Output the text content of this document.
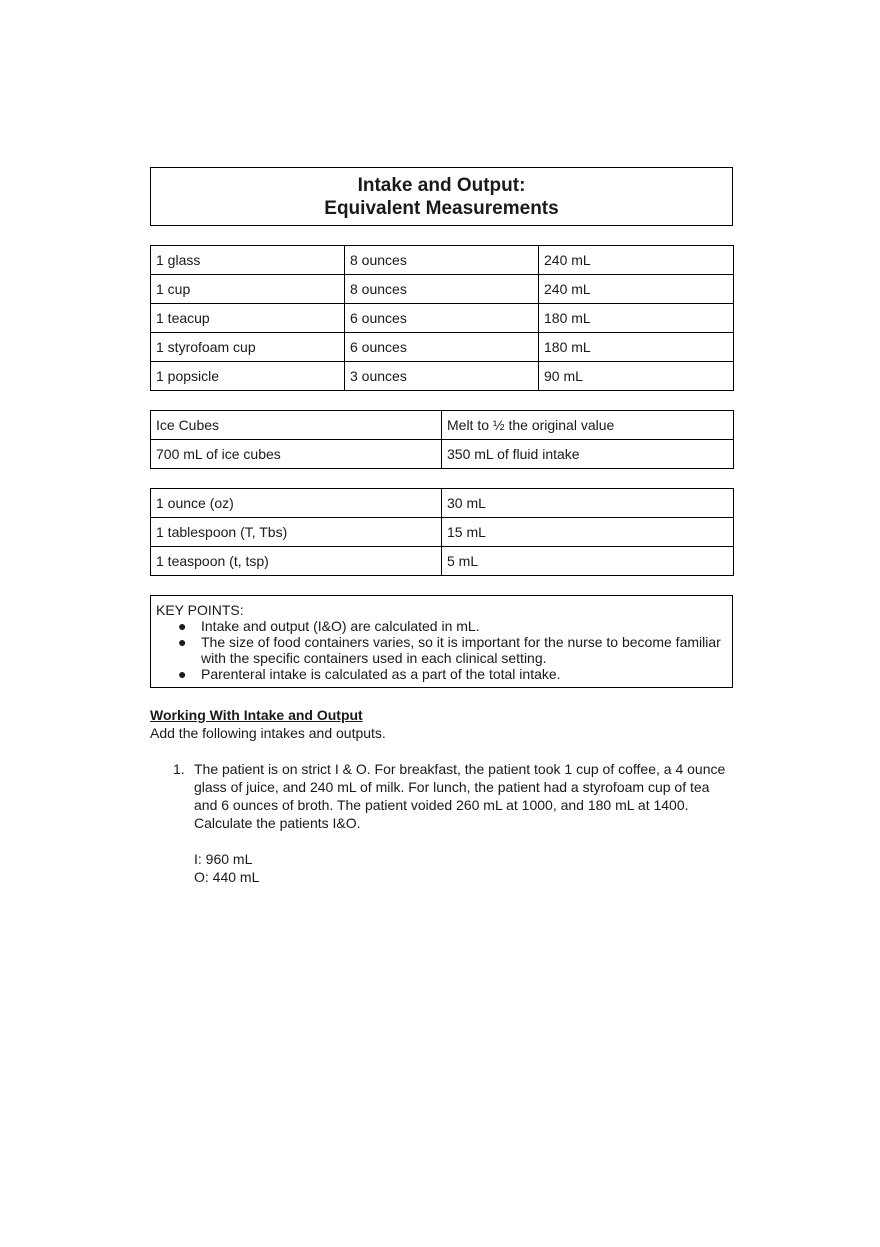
Intake and Output:
Equivalent Measurements
1 glass	8 ounces	240 mL
1 cup	8 ounces	240 mL
1 teacup	6 ounces	180 mL
1 styrofoam cup	6 ounces	180 mL
1 popsicle	3 ounces	90 mL
Ice Cubes	Melt to ½ the original value
700 mL of ice cubes	350 mL of fluid intake
1 ounce (oz)	30 mL
1 tablespoon (T, Tbs)	15 mL
1 teaspoon (t, tsp)	5 mL
KEY POINTS:
● Intake and output (I&O) are calculated in mL.
● The size of food containers varies, so it is important for the nurse to become familiar with the specific containers used in each clinical setting.
● Parenteral intake is calculated as a part of the total intake.
Working With Intake and Output
Add the following intakes and outputs.
1. The patient is on strict I & O. For breakfast, the patient took 1 cup of coffee, a 4 ounce glass of juice, and 240 mL of milk. For lunch, the patient had a styrofoam cup of tea and 6 ounces of broth. The patient voided 260 mL at 1000, and 180 mL at 1400. Calculate the patients I&O.
I: 960 mL
O: 440 mL
